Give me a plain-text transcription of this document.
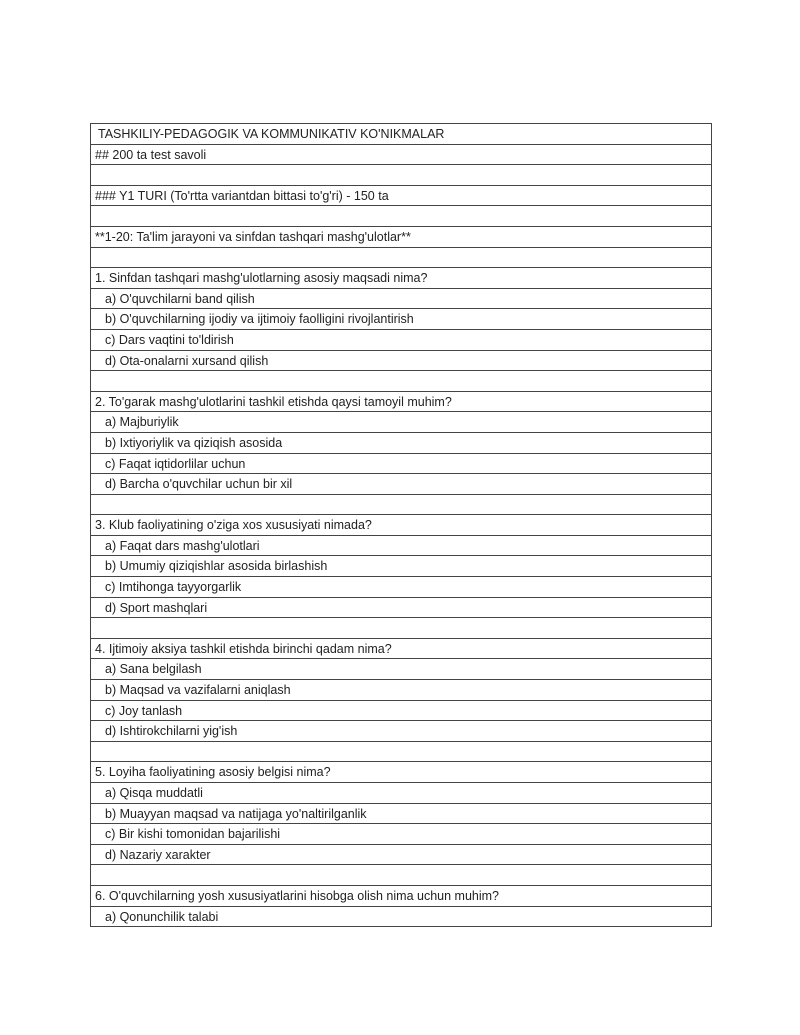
TASHKILIY-PEDAGOGIK VA KOMMUNIKATIV KO'NIKMALAR
## 200 ta test savoli
### Y1 TURI (To'rtta variantdan bittasi to'g'ri) - 150 ta
**1-20: Ta'lim jarayoni va sinfdan tashqari mashg'ulotlar**
1. Sinfdan tashqari mashg'ulotlarning asosiy maqsadi nima?
a) O'quvchilarni band qilish
b) O'quvchilarning ijodiy va ijtimoiy faolligini rivojlantirish
c) Dars vaqtini to'ldirish
d) Ota-onalarni xursand qilish
2. To'garak mashg'ulotlarini tashkil etishda qaysi tamoyil muhim?
a) Majburiylik
b) Ixtiyoriylik va qiziqish asosida
c) Faqat iqtidorlilar uchun
d) Barcha o'quvchilar uchun bir xil
3. Klub faoliyatining o'ziga xos xususiyati nimada?
a) Faqat dars mashg'ulotlari
b) Umumiy qiziqishlar asosida birlashish
c) Imtihonga tayyorgarlik
d) Sport mashqlari
4. Ijtimoiy aksiya tashkil etishda birinchi qadam nima?
a) Sana belgilash
b) Maqsad va vazifalarni aniqlash
c) Joy tanlash
d) Ishtirokchilarni yig'ish
5. Loyiha faoliyatining asosiy belgisi nima?
a) Qisqa muddatli
b) Muayyan maqsad va natijaga yo'naltirilganlik
c) Bir kishi tomonidan bajarilishi
d) Nazariy xarakter
6. O'quvchilarning yosh xususiyatlarini hisobga olish nima uchun muhim?
a) Qonunchilik talabi
